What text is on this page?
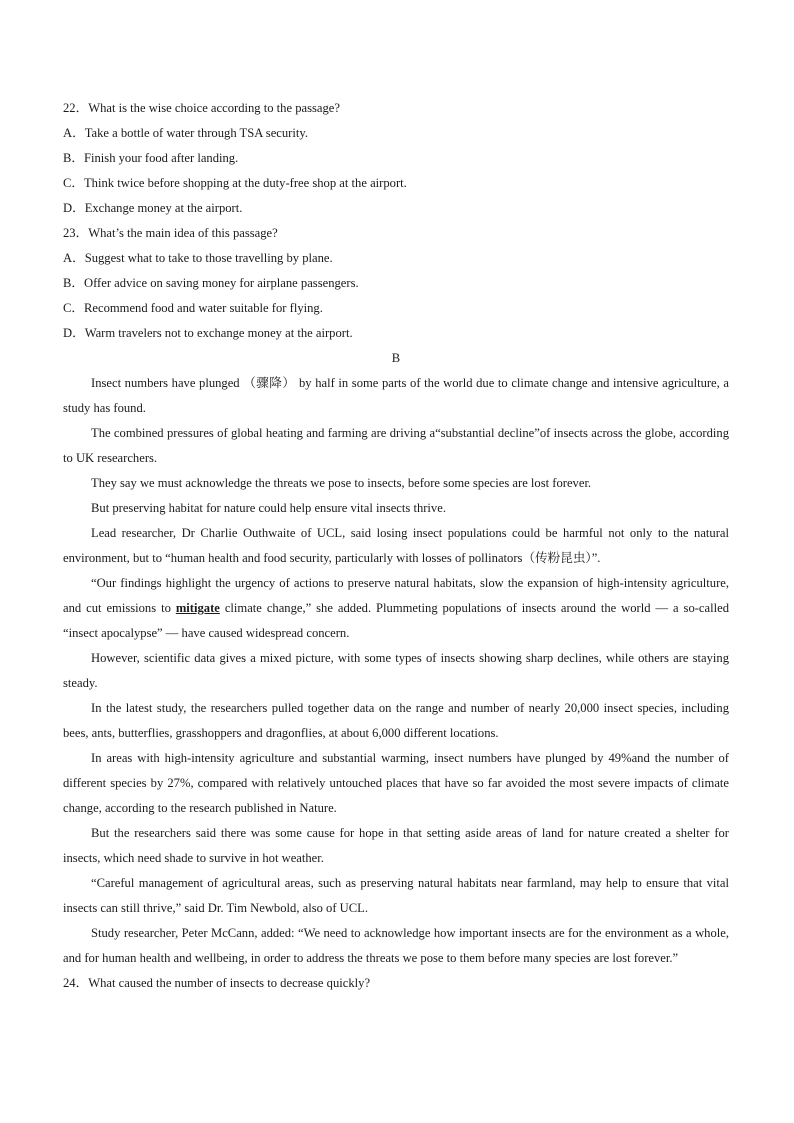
22．What is the wise choice according to the passage?
A．Take a bottle of water through TSA security.
B．Finish your food after landing.
C．Think twice before shopping at the duty-free shop at the airport.
D．Exchange money at the airport.
23．What’s the main idea of this passage?
A．Suggest what to take to those travelling by plane.
B．Offer advice on saving money for airplane passengers.
C．Recommend food and water suitable for flying.
D．Warm travelers not to exchange money at the airport.
B

Insect numbers have plunged （骤降） by half in some parts of the world due to climate change and intensive agriculture, a study has found.

The combined pressures of global heating and farming are driving a“substantial decline”of insects across the globe, according to UK researchers.

They say we must acknowledge the threats we pose to insects, before some species are lost forever.

But preserving habitat for nature could help ensure vital insects thrive.

Lead researcher, Dr Charlie Outhwaite of UCL, said losing insect populations could be harmful not only to the natural environment, but to “human health and food security, particularly with losses of pollinators（传粉昆虫）”.

“Our findings highlight the urgency of actions to preserve natural habitats, slow the expansion of high-intensity agriculture, and cut emissions to mitigate climate change,” she added. Plummeting populations of insects around the world — a so-called “insect apocalypse” — have caused widespread concern.

However, scientific data gives a mixed picture, with some types of insects showing sharp declines, while others are staying steady.

In the latest study, the researchers pulled together data on the range and number of nearly 20,000 insect species, including bees, ants, butterflies, grasshoppers and dragonflies, at about 6,000 different locations.

In areas with high-intensity agriculture and substantial warming, insect numbers have plunged by 49%and the number of different species by 27%, compared with relatively untouched places that have so far avoided the most severe impacts of climate change, according to the research published in Nature.

But the researchers said there was some cause for hope in that setting aside areas of land for nature created a shelter for insects, which need shade to survive in hot weather.

“Careful management of agricultural areas, such as preserving natural habitats near farmland, may help to ensure that vital insects can still thrive,” said Dr. Tim Newbold, also of UCL.

Study researcher, Peter McCann, added: “We need to acknowledge how important insects are for the environment as a whole, and for human health and wellbeing, in order to address the threats we pose to them before many species are lost forever.”

24．What caused the number of insects to decrease quickly?
